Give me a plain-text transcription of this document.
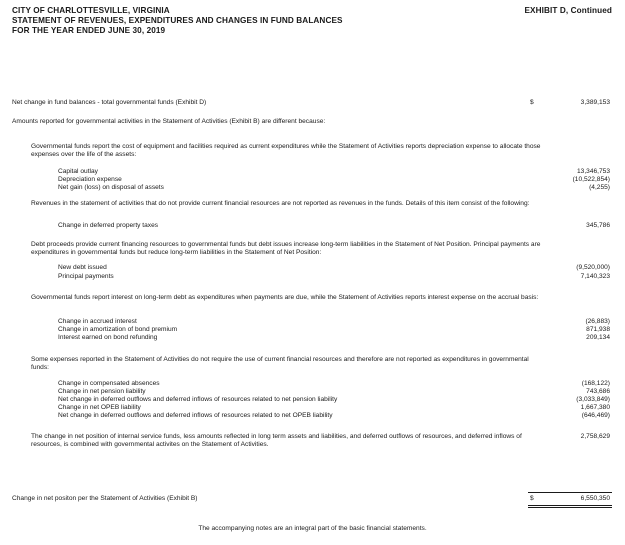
CITY OF CHARLOTTESVILLE, VIRGINIA
STATEMENT OF REVENUES, EXPENDITURES AND CHANGES IN FUND BALANCES
FOR THE YEAR ENDED JUNE 30, 2019
EXHIBIT D, Continued
Net change in fund balances - total governmental funds (Exhibit D)	$	3,389,153
Amounts reported for governmental activities in the Statement of Activities (Exhibit B) are different because:
Governmental funds report the cost of equipment and facilities required as current expenditures while the Statement of Activities reports depreciation expense to allocate those expenses over the life of the assets:
Capital outlay	13,346,753
Depreciation expense	(10,522,854)
Net gain (loss) on disposal of assets	(4,255)
Revenues in the statement of activities that do not provide current financial resources are not reported as revenues in the funds. Details of this item consist of the following:
Change in deferred property taxes	345,786
Debt proceeds provide current financing resources to governmental funds but debt issues increase long-term liabilities in the Statement of Net Position. Principal payments are expenditures in governmental funds but reduce long-term liabilities in the Statement of Net Position:
New debt issued	(9,520,000)
Principal payments	7,140,323
Governmental funds report interest on long-term debt as expenditures when payments are due, while the Statement of Activities reports interest expense on the accrual basis:
Change in accrued interest	(26,883)
Change in amortization of bond premium	871,938
Interest earned on bond refunding	209,134
Some expenses reported in the Statement of Activities do not require the use of current financial resources and therefore are not reported as expenditures in governmental funds:
Change in compensated absences	(168,122)
Change in net pension liability	743,686
Net change in deferred outflows and deferred inflows of resources related to net pension liability	(3,033,849)
Change in net OPEB liability	1,667,380
Net change in deferred outflows and deferred inflows of resources related to net OPEB liability	(646,469)
The change in net position of internal service funds, less amounts reflected in long term assets and liabilities, and deferred outflows of resources, and deferred inflows of resources, is combined with governmental activites on the Statement of Activities.
2,758,629
Change in net positon per the Statement of Activities (Exhibit B)	$	6,550,350
The accompanying notes are an integral part of the basic financial statements.
